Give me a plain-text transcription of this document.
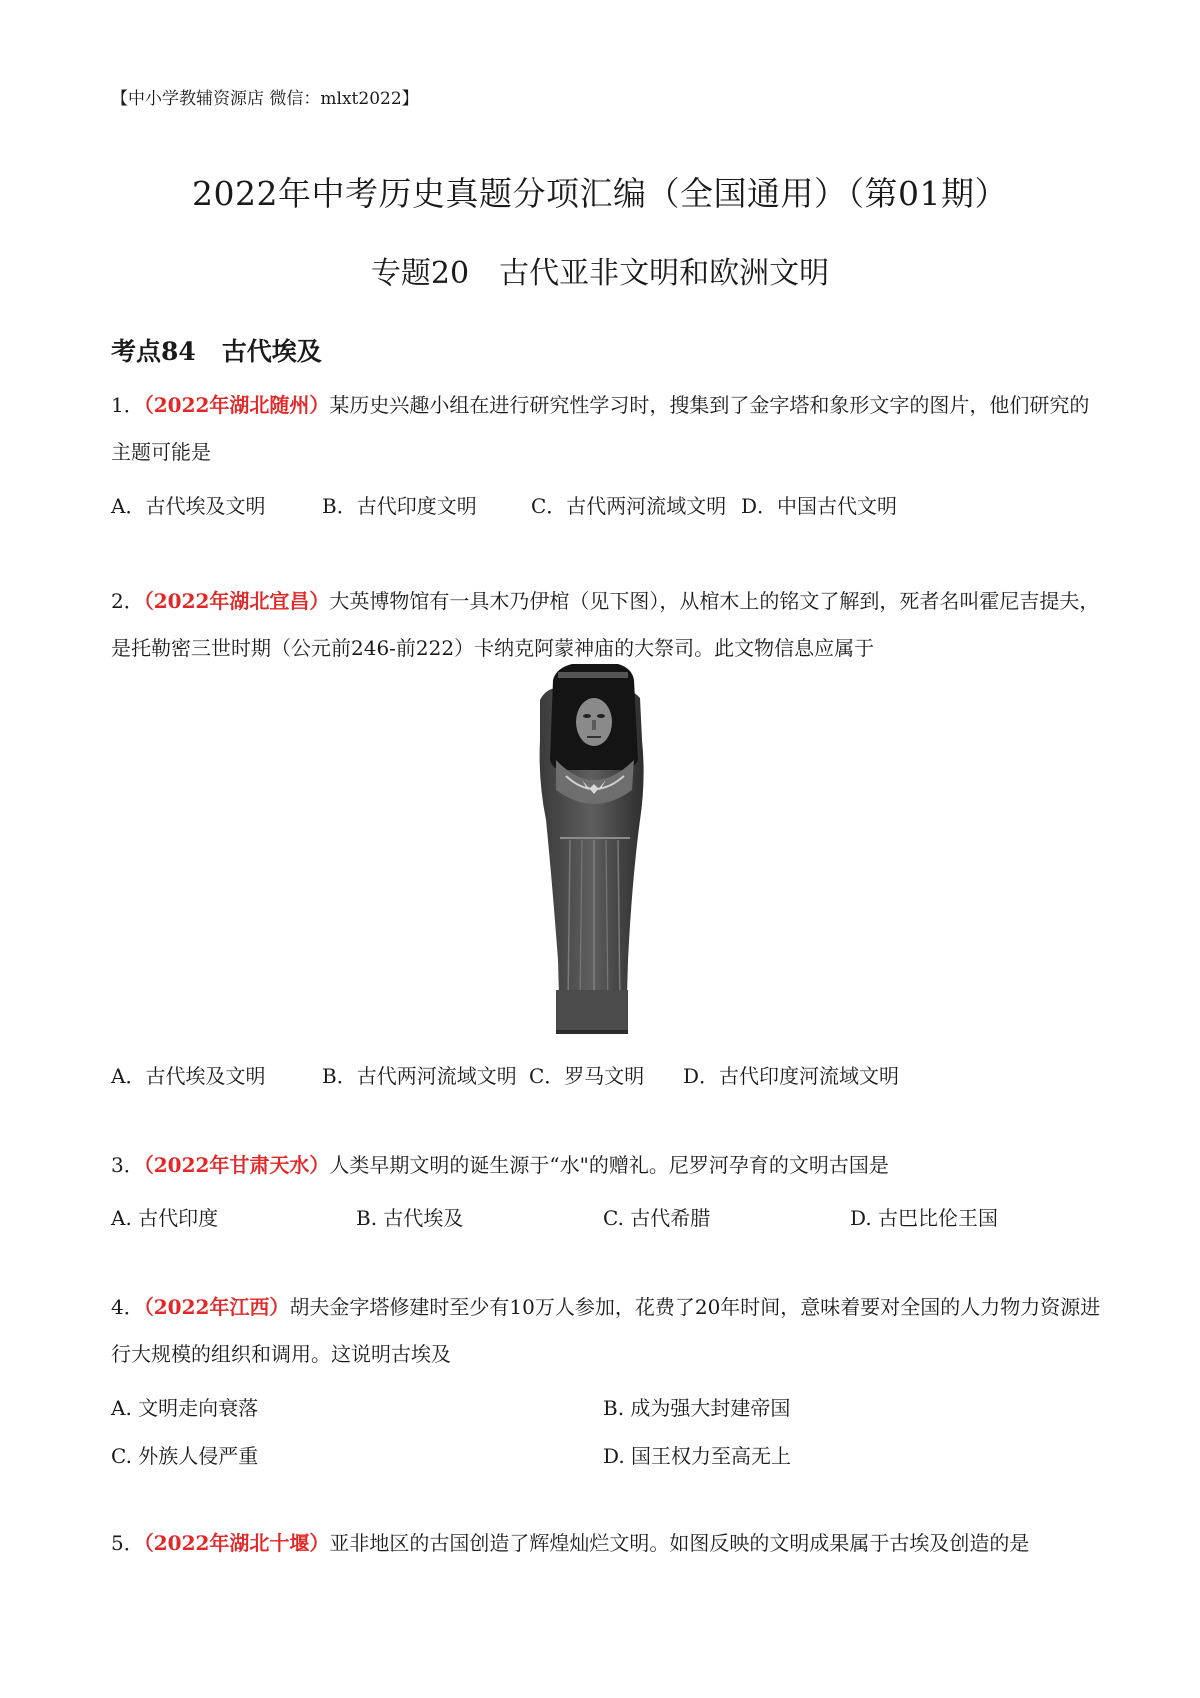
【中小学教辅资源店 微信：mlxt2022】
2022年中考历史真题分项汇编（全国通用）（第01期）
专题20　古代亚非文明和欧洲文明
考点84 古代埃及
1．（2022年湖北随州）某历史兴趣小组在进行研究性学习时，搜集到了金字塔和象形文字的图片，他们研究的主题可能是
A．古代埃及文明	B．古代印度文明	C．古代两河流域文明 D．中国古代文明
2．（2022年湖北宜昌）大英博物馆有一具木乃伊棺（见下图），从棺木上的铭文了解到，死者名叫霍尼吉提夫，是托勒密三世时期（公元前246-前222）卡纳克阿蒙神庙的大祭司。此文物信息应属于
A．古代埃及文明	B．古代两河流域文明 C．罗马文明 D．古代印度河流域文明
3．（2022年甘肃天水）人类早期文明的诞生源于“水"的赠礼。尼罗河孕育的文明古国是
A. 古代印度	B. 古代埃及	C. 古代希腊	D. 古巴比伦王国
4．（2022年江西）胡夫金字塔修建时至少有10万人参加，花费了20年时间，意味着要对全国的人力物力资源进行大规模的组织和调用。这说明古埃及
A. 文明走向衰落	B. 成为强大封建帝国
C. 外族人侵严重	D. 国王权力至高无上
5．（2022年湖北十堰）亚非地区的古国创造了辉煌灿烂文明。如图反映的文明成果属于古埃及创造的是
